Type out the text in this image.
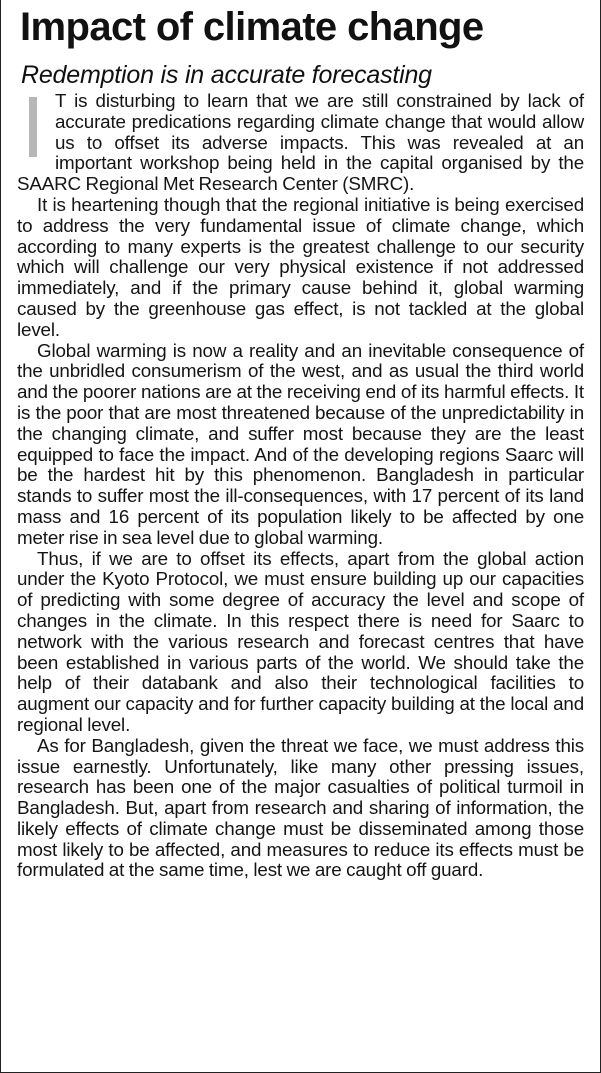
Impact of climate change
Redemption is in accurate forecasting

T is disturbing to learn that we are still constrained by lack of accurate predications regarding climate change that would allow us to offset its adverse impacts. This was revealed at an important workshop being held in the capital organised by the SAARC Regional Met Research Center (SMRC).

It is heartening though that the regional initiative is being exercised to address the very fundamental issue of climate change, which according to many experts is the greatest challenge to our security which will challenge our very physical existence if not addressed immediately, and if the primary cause behind it, global warming caused by the greenhouse gas effect, is not tackled at the global level.

Global warming is now a reality and an inevitable consequence of the unbridled consumerism of the west, and as usual the third world and the poorer nations are at the receiving end of its harmful effects. It is the poor that are most threatened because of the unpredictability in the changing climate, and suffer most because they are the least equipped to face the impact. And of the developing regions Saarc will be the hardest hit by this phenomenon. Bangladesh in particular stands to suffer most the ill-consequences, with 17 percent of its land mass and 16 percent of its population likely to be affected by one meter rise in sea level due to global warming.

Thus, if we are to offset its effects, apart from the global action under the Kyoto Protocol, we must ensure building up our capacities of predicting with some degree of accuracy the level and scope of changes in the climate. In this respect there is need for Saarc to network with the various research and forecast centres that have been established in various parts of the world. We should take the help of their databank and also their technological facilities to augment our capacity and for further capacity building at the local and regional level.

As for Bangladesh, given the threat we face, we must address this issue earnestly. Unfortunately, like many other pressing issues, research has been one of the major casualties of political turmoil in Bangladesh. But, apart from research and sharing of information, the likely effects of climate change must be disseminated among those most likely to be affected, and measures to reduce its effects must be formulated at the same time, lest we are caught off guard.
